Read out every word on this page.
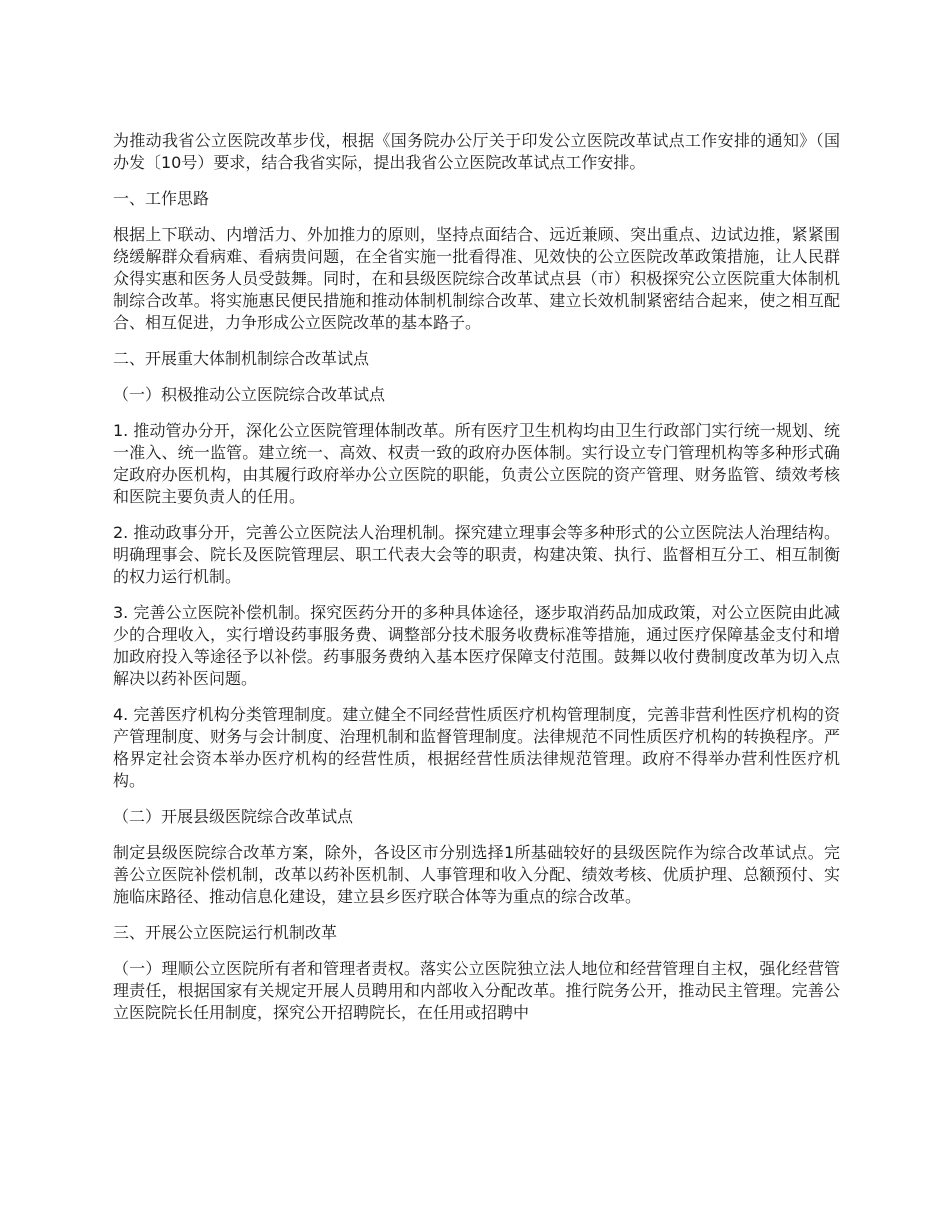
为推动我省公立医院改革步伐，根据《国务院办公厅关于印发公立医院改革试点工作安排的通知》（国办发〔10号）要求，结合我省实际，提出我省公立医院改革试点工作安排。

一、工作思路

根据上下联动、内增活力、外加推力的原则，坚持点面结合、远近兼顾、突出重点、边试边推，紧紧围绕缓解群众看病难、看病贵问题，在全省实施一批看得准、见效快的公立医院改革政策措施，让人民群众得实惠和医务人员受鼓舞。同时，在和县级医院综合改革试点县（市）积极探究公立医院重大体制机制综合改革。将实施惠民便民措施和推动体制机制综合改革、建立长效机制紧密结合起来，使之相互配合、相互促进，力争形成公立医院改革的基本路子。

二、开展重大体制机制综合改革试点

（一）积极推动公立医院综合改革试点

1. 推动管办分开，深化公立医院管理体制改革。所有医疗卫生机构均由卫生行政部门实行统一规划、统一准入、统一监管。建立统一、高效、权责一致的政府办医体制。实行设立专门管理机构等多种形式确定政府办医机构，由其履行政府举办公立医院的职能，负责公立医院的资产管理、财务监管、绩效考核和医院主要负责人的任用。

2. 推动政事分开，完善公立医院法人治理机制。探究建立理事会等多种形式的公立医院法人治理结构。明确理事会、院长及医院管理层、职工代表大会等的职责，构建决策、执行、监督相互分工、相互制衡的权力运行机制。

3. 完善公立医院补偿机制。探究医药分开的多种具体途径，逐步取消药品加成政策，对公立医院由此减少的合理收入，实行增设药事服务费、调整部分技术服务收费标准等措施，通过医疗保障基金支付和增加政府投入等途径予以补偿。药事服务费纳入基本医疗保障支付范围。鼓舞以收付费制度改革为切入点解决以药补医问题。

4. 完善医疗机构分类管理制度。建立健全不同经营性质医疗机构管理制度，完善非营利性医疗机构的资产管理制度、财务与会计制度、治理机制和监督管理制度。法律规范不同性质医疗机构的转换程序。严格界定社会资本举办医疗机构的经营性质，根据经营性质法律规范管理。政府不得举办营利性医疗机构。

（二）开展县级医院综合改革试点

制定县级医院综合改革方案，除外，各设区市分别选择1所基础较好的县级医院作为综合改革试点。完善公立医院补偿机制，改革以药补医机制、人事管理和收入分配、绩效考核、优质护理、总额预付、实施临床路径、推动信息化建设，建立县乡医疗联合体等为重点的综合改革。

三、开展公立医院运行机制改革

（一）理顺公立医院所有者和管理者责权。落实公立医院独立法人地位和经营管理自主权，强化经营管理责任，根据国家有关规定开展人员聘用和内部收入分配改革。推行院务公开，推动民主管理。完善公立医院院长任用制度，探究公开招聘院长，在任用或招聘中
